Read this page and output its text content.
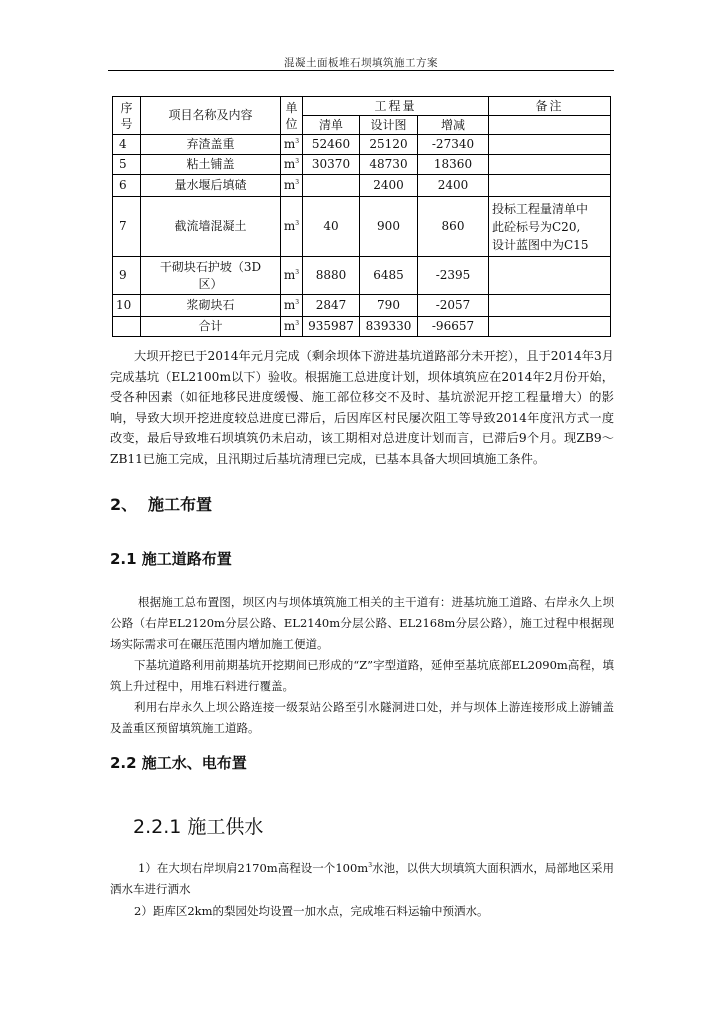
混凝土面板堆石坝填筑施工方案
序号	项目名称及内容	单位	工程量			备注
			清单	设计图	增减	
4	弃渣盖重	$m^3$	52460	25120	-27340	
5	粘土铺盖	$m^3$	30370	48730	18360	
6	量水堰后填碴	$m^3$		2400	2400	
7	截流墙混凝土	$m^3$	40	900	860	投标工程量清单中
此砼标号为C20,
设计蓝图中为C15

9	干砌块石护坡（3D
区）	$m^3$	8880	6485	-2395	
10	浆砌块石	$m^3$	2847	790	-2057	
	合计	$m^3$	935987	839330	-96657	

大坝开挖已于2014年元月完成（剩余坝体下游进基坑道路部分未开挖），且于2014年3月完成基坑（EL2100m以下）验收。根据施工总进度计划，坝体填筑应在2014年2月份开始，受各种因素（如征地移民进度缓慢、施工部位移交不及时、基坑淤泥开挖工程量增大）的影响，导致大坝开挖进度较总进度已滞后，后因库区村民屡次阻工等导致2014年度汛方式一度改变，最后导致堆石坝填筑仍未启动，该工期相对总进度计划而言，已滞后9个月。现ZB9～ZB11已施工完成，且汛期过后基坑清理已完成，已基本具备大坝回填施工条件。

2、 施工布置
2.1 施工道路布置

根据施工总布置图，坝区内与坝体填筑施工相关的主干道有：进基坑施工道路、右岸永久上坝公路（右岸EL2120m分层公路、EL2140m分层公路、EL2168m分层公路），施工过程中根据现场实际需求可在碾压范围内增加施工便道。

下基坑道路利用前期基坑开挖期间已形成的“Z”字型道路，延伸至基坑底部EL2090m高程，填筑上升过程中，用堆石料进行覆盖。

利用右岸永久上坝公路连接一级泵站公路至引水隧洞进口处，并与坝体上游连接形成上游铺盖及盖重区预留填筑施工道路。

2.2 施工水、电布置
2.2.1 施工供水

1）在大坝右岸坝肩2170m高程设一个$100m^3$水池，以供大坝填筑大面积洒水，局部地区采用洒水车进行洒水

2）距库区2km的梨园处均设置一加水点，完成堆石料运输中预洒水。
